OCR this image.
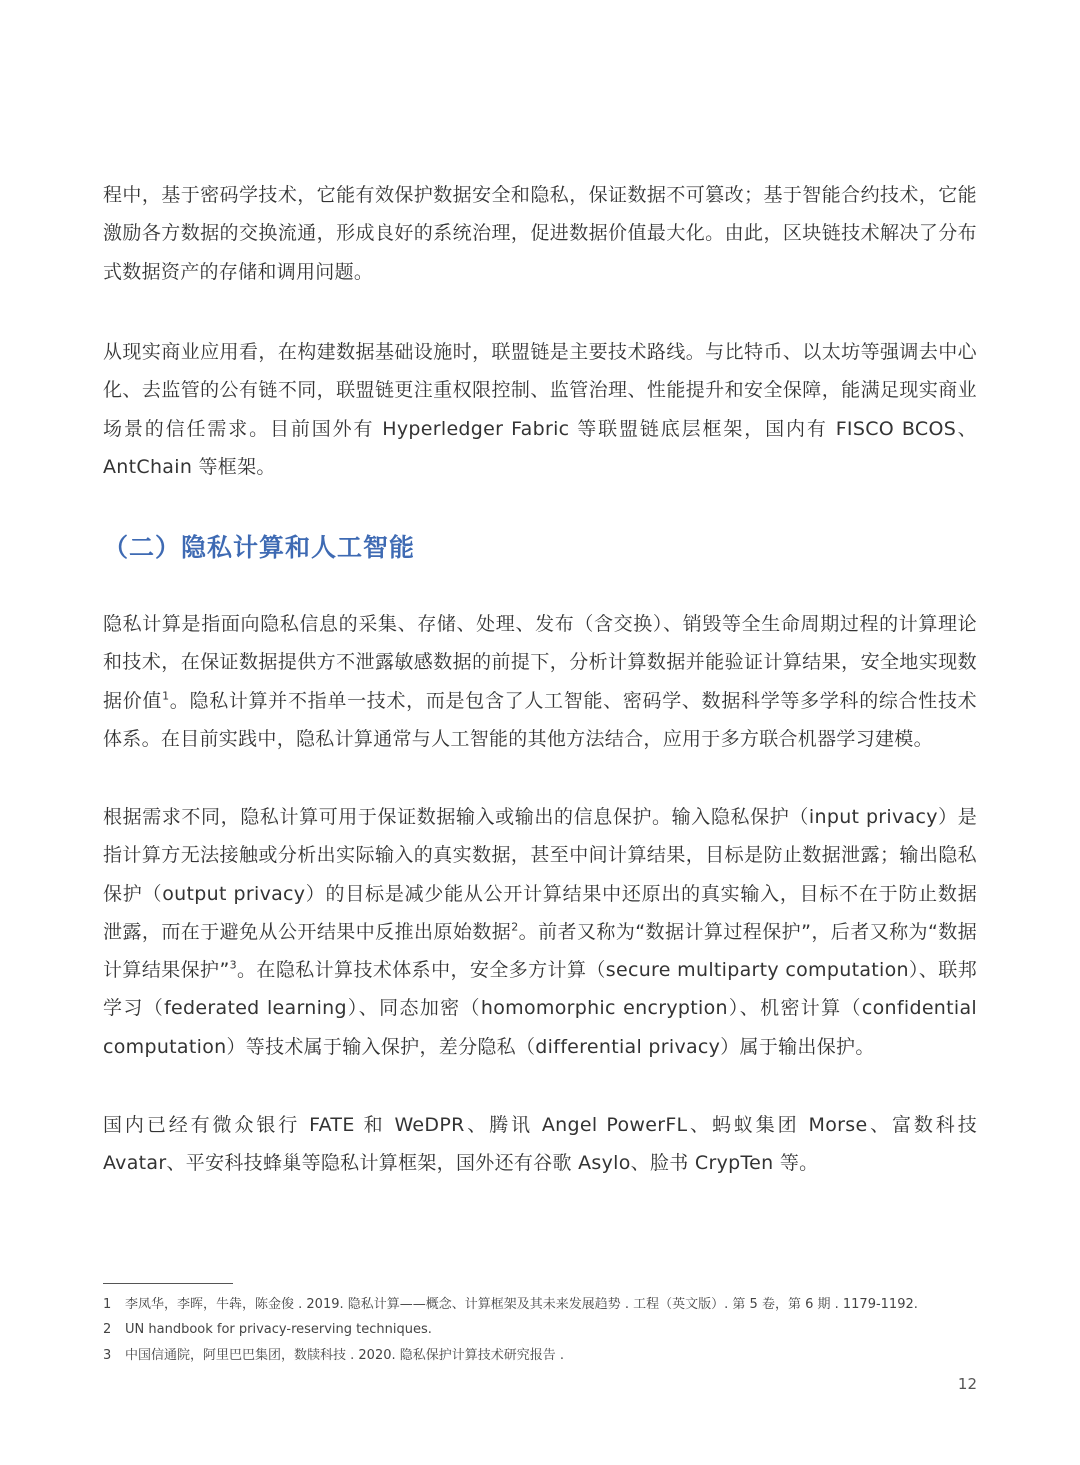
程中，基于密码学技术，它能有效保护数据安全和隐私，保证数据不可篡改；基于智能合约技术，它能激励各方数据的交换流通，形成良好的系统治理，促进数据价值最大化。由此，区块链技术解决了分布式数据资产的存储和调用问题。

从现实商业应用看，在构建数据基础设施时，联盟链是主要技术路线。与比特币、以太坊等强调去中心化、去监管的公有链不同，联盟链更注重权限控制、监管治理、性能提升和安全保障，能满足现实商业场景的信任需求。目前国外有 Hyperledger Fabric 等联盟链底层框架，国内有 FISCO BCOS、AntChain 等框架。

（二）隐私计算和人工智能

隐私计算是指面向隐私信息的采集、存储、处理、发布（含交换）、销毁等全生命周期过程的计算理论和技术，在保证数据提供方不泄露敏感数据的前提下，分析计算数据并能验证计算结果，安全地实现数据价值$^1$。隐私计算并不指单一技术，而是包含了人工智能、密码学、数据科学等多学科的综合性技术体系。在目前实践中，隐私计算通常与人工智能的其他方法结合，应用于多方联合机器学习建模。

根据需求不同，隐私计算可用于保证数据输入或输出的信息保护。输入隐私保护（input privacy）是指计算方无法接触或分析出实际输入的真实数据，甚至中间计算结果，目标是防止数据泄露；输出隐私保护（output privacy）的目标是减少能从公开计算结果中还原出的真实输入，目标不在于防止数据泄露，而在于避免从公开结果中反推出原始数据$^2$。前者又称为“数据计算过程保护”，后者又称为“数据计算结果保护”$^3$。在隐私计算技术体系中，安全多方计算（secure multiparty computation）、联邦学习（federated learning）、同态加密（homomorphic encryption）、机密计算（confidential computation）等技术属于输入保护，差分隐私（differential privacy）属于输出保护。

国内已经有微众银行 FATE 和 WeDPR、腾讯 Angel PowerFL、蚂蚁集团 Morse、富数科技 Avatar、平安科技蜂巢等隐私计算框架，国外还有谷歌 Asylo、脸书 CrypTen 等。

1 李凤华，李晖，牛犇，陈金俊 . 2019. 隐私计算——概念、计算框架及其未来发展趋势 . 工程（英文版）. 第 5 卷，第 6 期 . 1179-1192.
2 UN handbook for privacy-reserving techniques.
3 中国信通院，阿里巴巴集团，数牍科技 . 2020. 隐私保护计算技术研究报告 .
12
